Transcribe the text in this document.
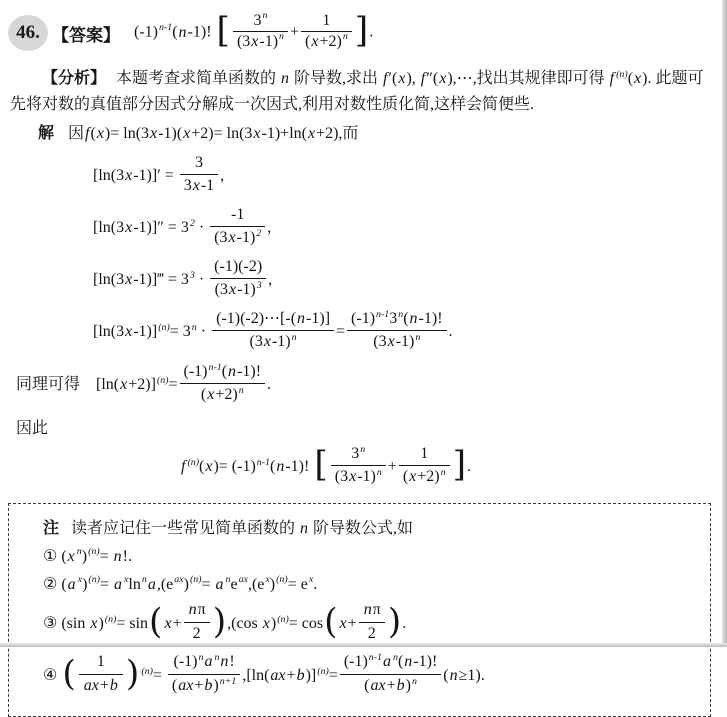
46. 【答案】 $(-1)^{n-1}(n-1)$! [ $\frac{3^n}{(3x-1)^n} + \frac{1}{(x+2)^n}$ ].

【分析】 本题考查求简单函数的 n 阶导数,求出 f′(x), f″(x),⋯,找出其规律即可得 f $^{(n)}$(x). 此题可先将对数的真值部分因式分解成一次因式,利用对数性质化简,这样会简便些.

解 因f(x)= ln(3x-1)(x+2)= ln(3x-1)+ln(x+2),而
$[\ln(3x-1)]' = \frac{3}{3x-1}$ ,
$[\ln(3x-1)]'' = 3^2 \cdot \frac{-1}{(3x-1)^2}$ ,
[ln(3x-1)]‴ = $3^3 \cdot \frac{(-1)(-2)}{(3x-1)^3}$ ,
$[\ln(3x-1)]^{(n)}= 3^n \cdot \frac{(-1)(-2)\cdots[-(n-1)]}{(3x-1)^n} = \frac{(-1)^{n-1}3^n(n-1)!}{(3x-1)^n}$ .
同理可得 $[\ln(x+2)]^{(n)}= \frac{(-1)^{n-1}(n-1)!}{(x+2)^n}$ .
因此
f $^{(n)}(x)= (-1)^{n-1}(n-1)$! [ $\frac{3^n}{(3x-1)^n} + \frac{1}{(x+2)^n}$ ].
注 读者应记住一些常见简单函数的 n 阶导数公式,如
① (x $^n$)$^{(n)}$= n!.
② (a $^x$)$^{(n)}$= a $^x\ln^na,(e^{ax})^{(n)}= a$ $^ne^{ax},(e^x)^{(n)}= e^x$.
③ (sin x)$^{(n)}$= sin( $x+ \frac{n\pi}{2} ),(\cos$ x)$^{(n)}$= cos( $x+ \frac{n\pi}{2}$ ).
④ ( $\frac{1}{ax+b}$ ) $^{(n)}$=
$(-1)^na$ $^n$n!
$(ax+b)^{n+1}$ $,[\ln(ax+b)]^{(n)}= \frac{(-1)^{n-1}a ^n(n-1)!}{(ax+b)^n} (n\ge 1)$.
